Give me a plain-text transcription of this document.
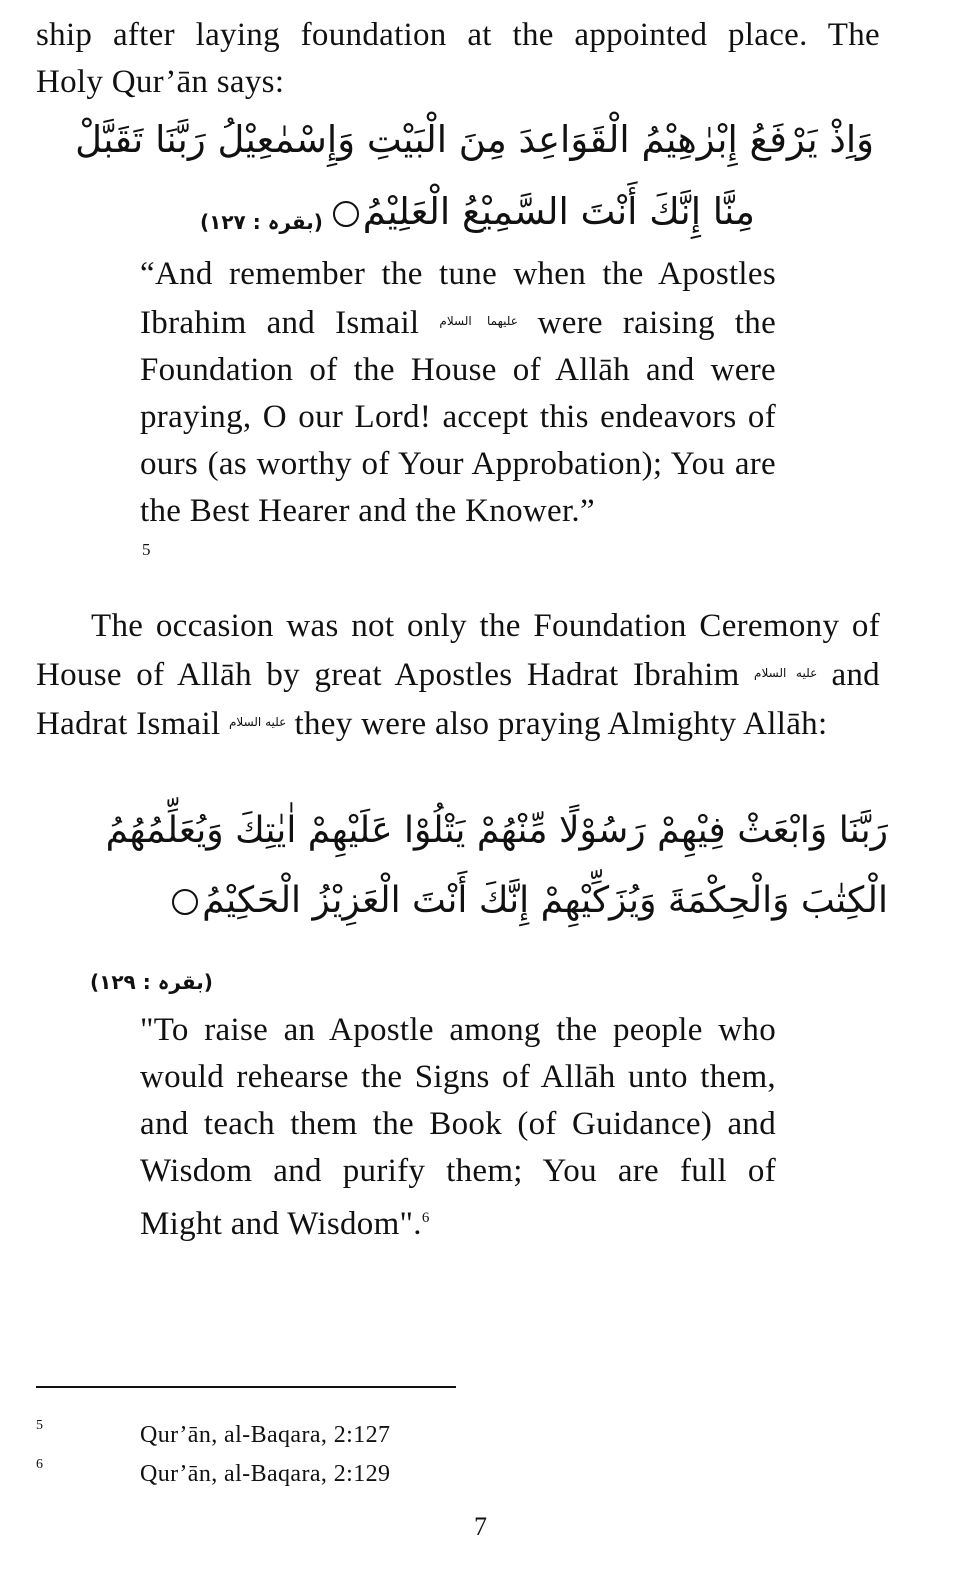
ship after laying foundation at the appointed place. The

Holy Qur’ān says:

وَاِذْ يَرْفَعُ إِبْرٰهِيْمُ الْقَوَاعِدَ مِنَ الْبَيْتِ وَإِسْمٰعِيْلُ رَبَّنَا تَقَبَّلْ
مِنَّا إِنَّكَ أَنْتَ السَّمِيْعُ الْعَلِيْمُ
(بقرہ : ۱۲۷)

“And remember the tune when the Apostles Ibrahim and Ismail $^{عليهما السلام}$ were raising the Foundation of the House of Allāh and were praying, O our Lord! accept this endeavors of ours (as worthy of Your Approbation); You are the Best Hearer and the Knower.”

5

The occasion was not only the Foundation Ceremony of House of Allāh by great Apostles Hadrat Ibrahim $^{عليه السلام}$ and Hadrat Ismail $^{عليه السلام}$ they were also praying Almighty Allāh:

رَبَّنَا وَابْعَثْ فِيْهِمْ رَسُوْلًا مِّنْهُمْ يَتْلُوْا عَلَيْهِمْ اٰيٰتِكَ وَيُعَلِّمُهُمُ
الْكِتٰبَ وَالْحِكْمَةَ وَيُزَكِّيْهِمْ إِنَّكَ أَنْتَ الْعَزِيْزُ الْحَكِيْمُ
(بقرہ : ۱۲۹)

"To raise an Apostle among the people who would rehearse the Signs of Allāh unto them, and teach them the Book (of Guidance) and Wisdom and purify them; You are full of Might and Wisdom".$^6$

5	Qur’ān, al-Baqara, 2:127
6	Qur’ān, al-Baqara, 2:129
7
